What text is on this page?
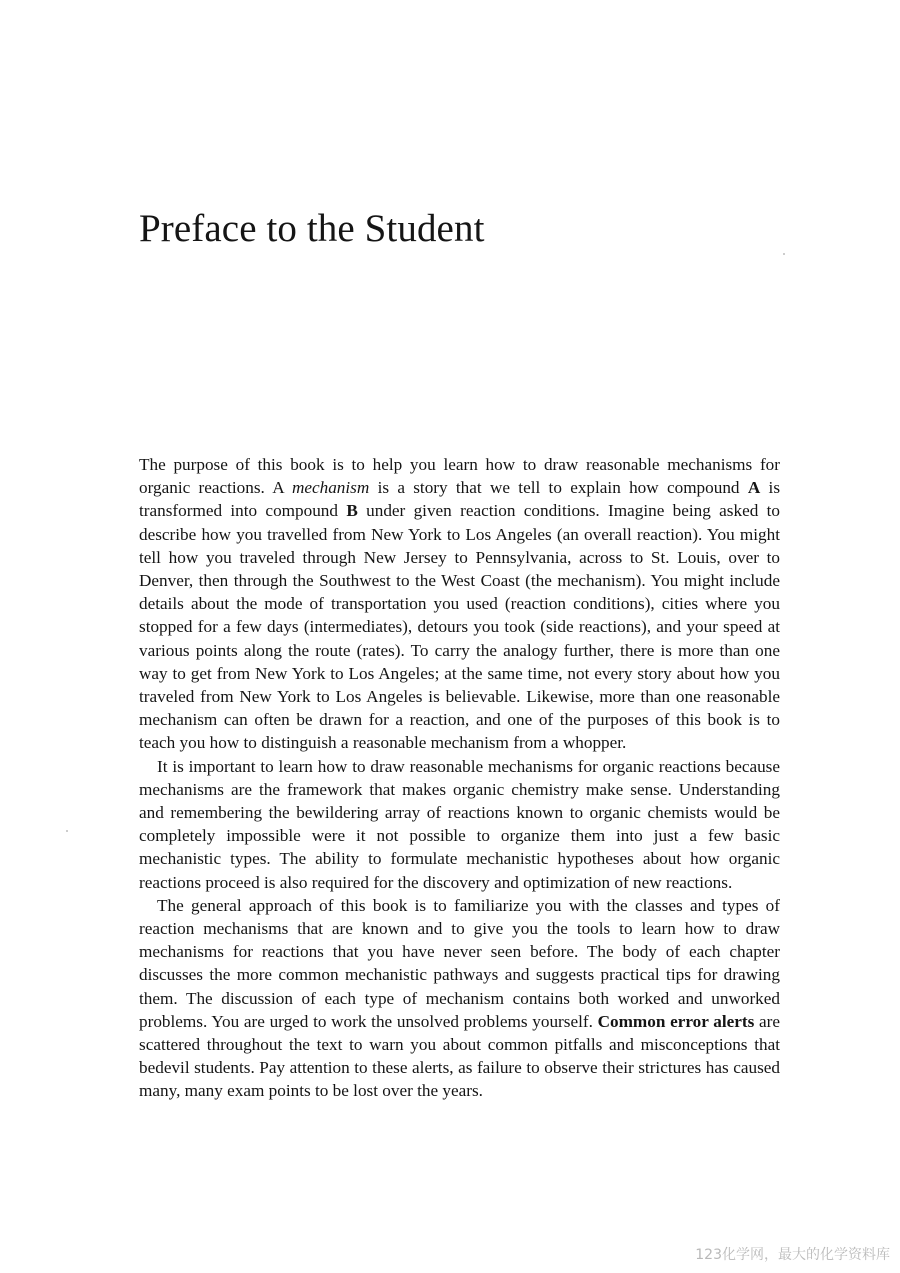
Preface to the Student

The purpose of this book is to help you learn how to draw reasonable mechanisms for organic reactions. A mechanism is a story that we tell to explain how compound A is transformed into compound B under given reaction conditions. Imagine being asked to describe how you travelled from New York to Los Angeles (an overall reaction). You might tell how you traveled through New Jersey to Pennsylvania, across to St. Louis, over to Denver, then through the Southwest to the West Coast (the mechanism). You might include details about the mode of transportation you used (reaction conditions), cities where you stopped for a few days (intermediates), detours you took (side reactions), and your speed at various points along the route (rates). To carry the analogy further, there is more than one way to get from New York to Los Angeles; at the same time, not every story about how you traveled from New York to Los Angeles is believable. Likewise, more than one reasonable mechanism can often be drawn for a reaction, and one of the purposes of this book is to teach you how to distinguish a reasonable mechanism from a whopper.

It is important to learn how to draw reasonable mechanisms for organic reactions because mechanisms are the framework that makes organic chemistry make sense. Understanding and remembering the bewildering array of reactions known to organic chemists would be completely impossible were it not possible to organize them into just a few basic mechanistic types. The ability to formulate mechanistic hypotheses about how organic reactions proceed is also required for the discovery and optimization of new reactions.

The general approach of this book is to familiarize you with the classes and types of reaction mechanisms that are known and to give you the tools to learn how to draw mechanisms for reactions that you have never seen before. The body of each chapter discusses the more common mechanistic pathways and suggests practical tips for drawing them. The discussion of each type of mechanism contains both worked and unworked problems. You are urged to work the unsolved problems yourself. Common error alerts are scattered throughout the text to warn you about common pitfalls and misconceptions that bedevil students. Pay attention to these alerts, as failure to observe their strictures has caused many, many exam points to be lost over the years.

123化学网，最大的化学资料库
